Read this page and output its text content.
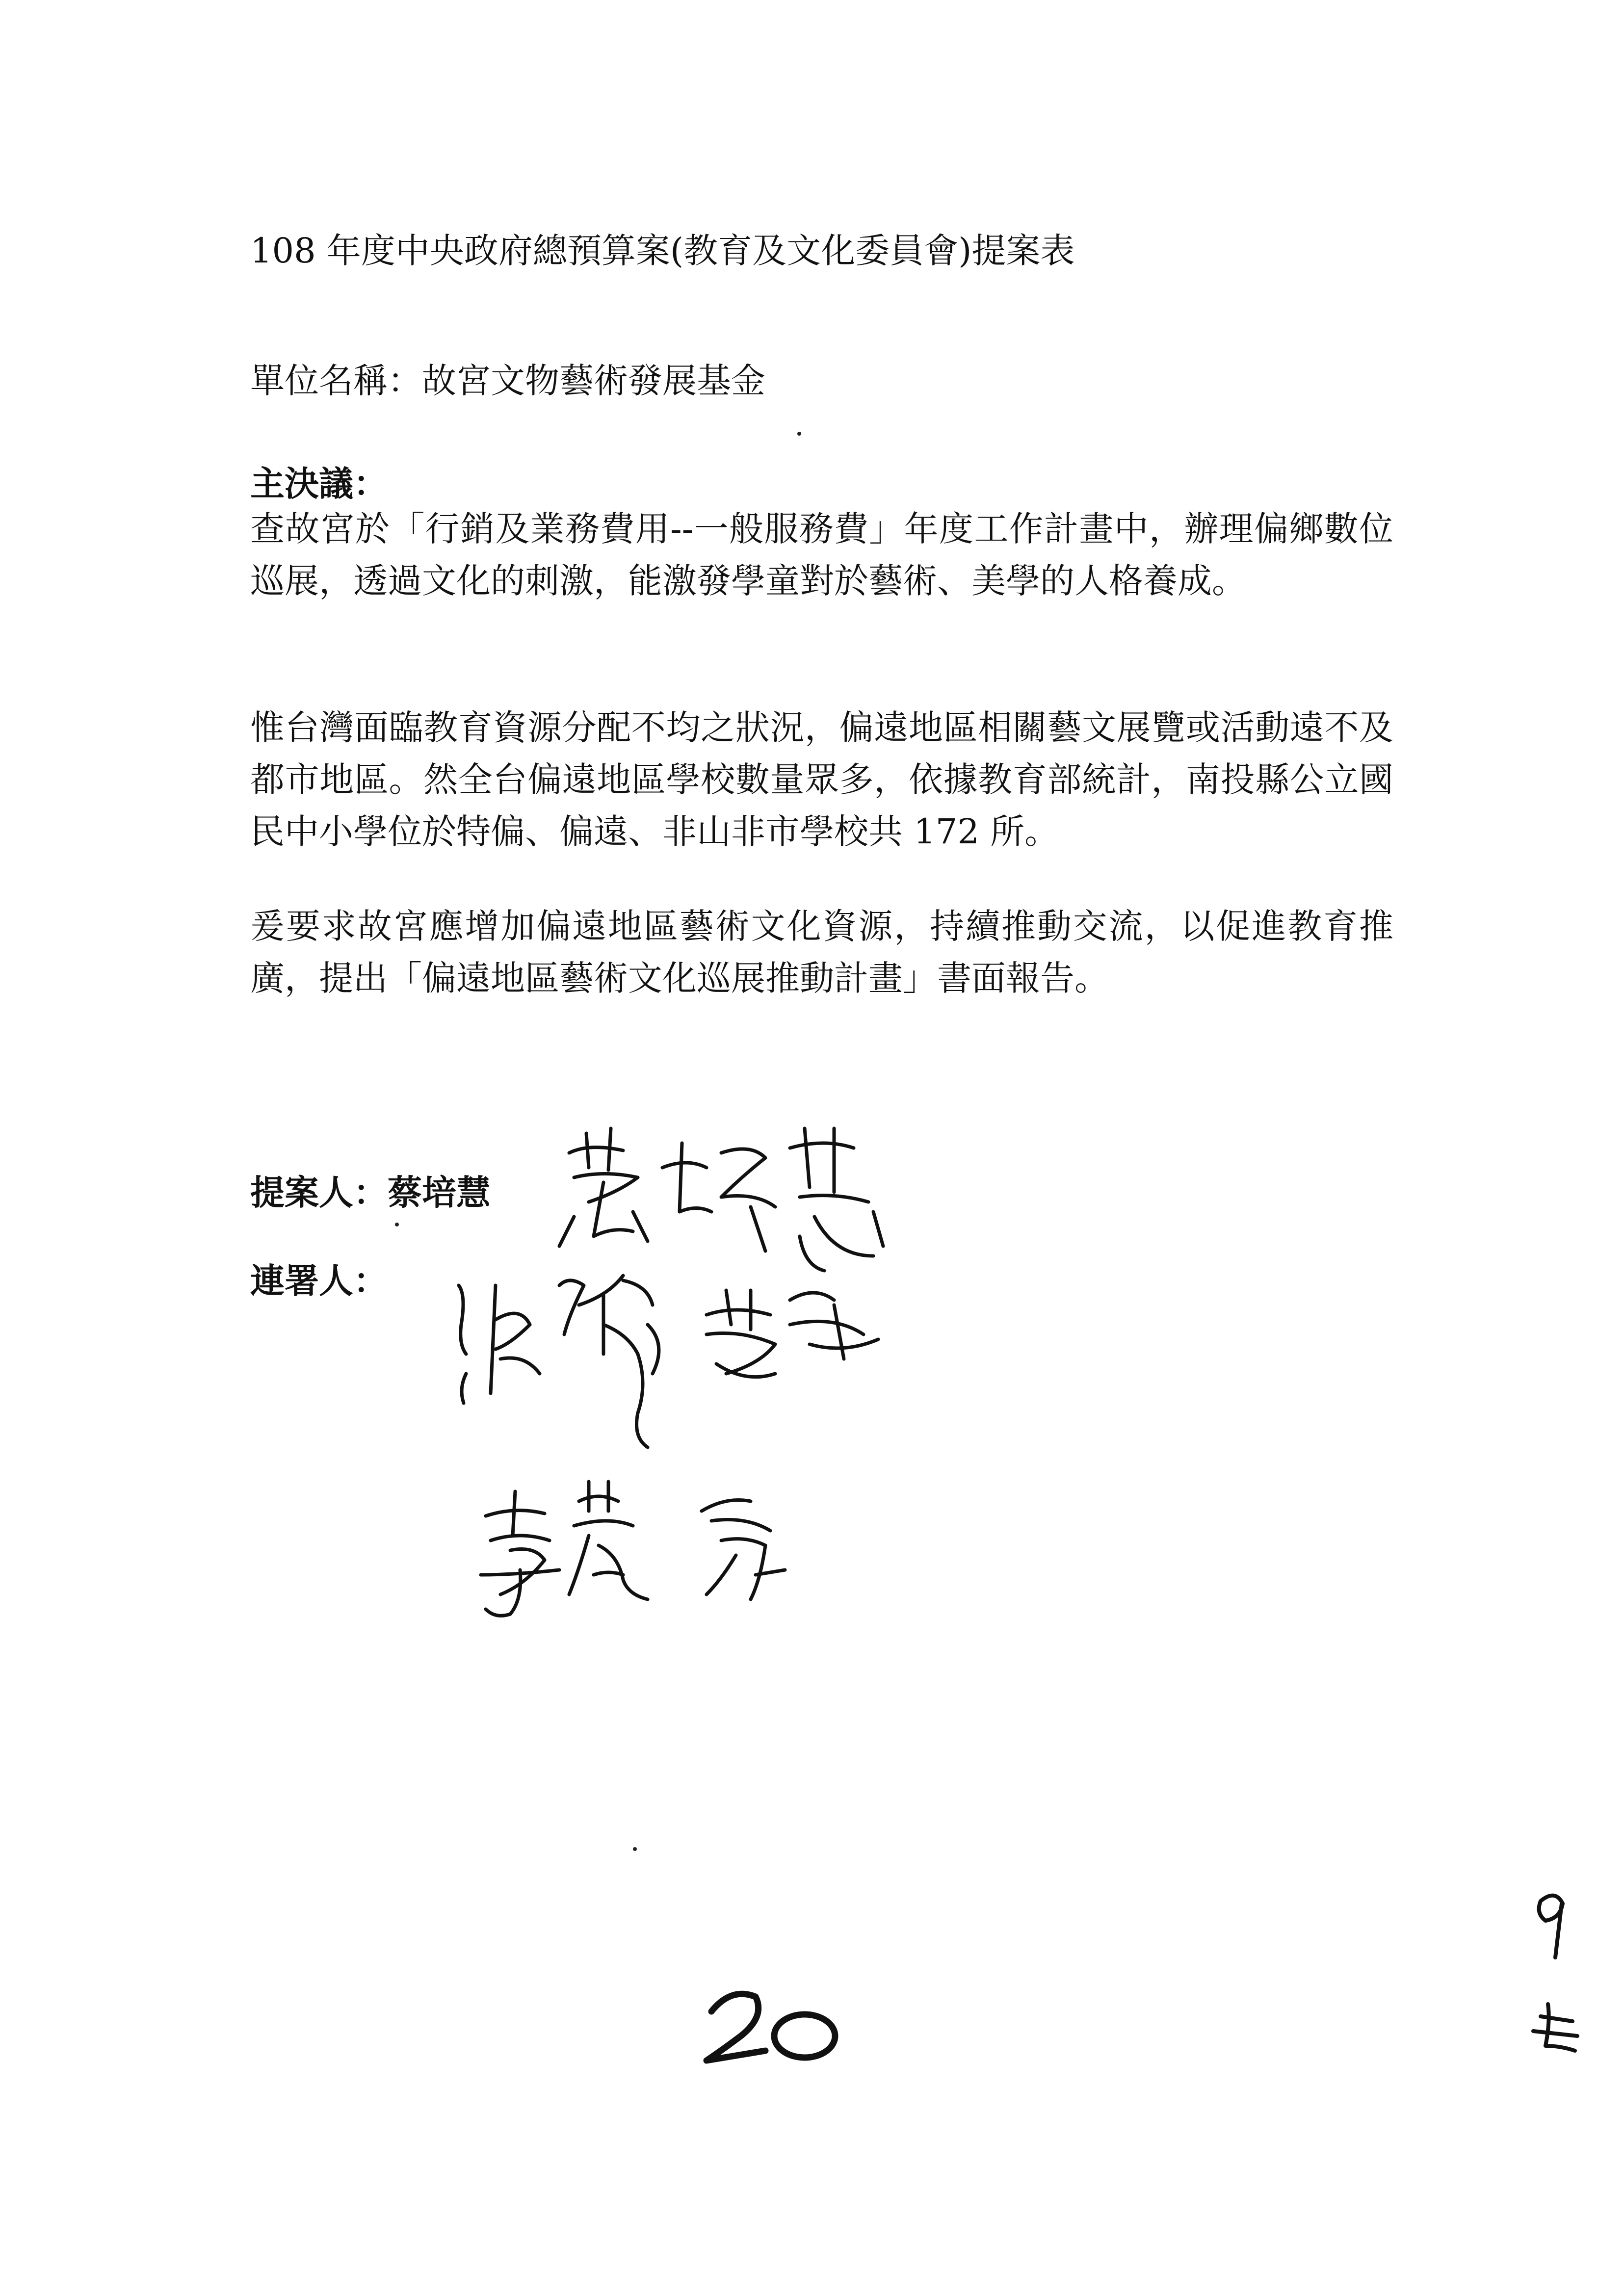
108 年度中央政府總預算案(教育及文化委員會)提案表
單位名稱：故宮文物藝術發展基金
主決議：
查故宮於「行銷及業務費用--一般服務費」年度工作計畫中，辦理偏鄉數位巡展，透過文化的刺激，能激發學童對於藝術、美學的人格養成。
惟台灣面臨教育資源分配不均之狀況，偏遠地區相關藝文展覽或活動遠不及都市地區。然全台偏遠地區學校數量眾多，依據教育部統計，南投縣公立國民中小學位於特偏、偏遠、非山非市學校共 172 所。
爰要求故宮應增加偏遠地區藝術文化資源，持續推動交流，以促進教育推廣，提出「偏遠地區藝術文化巡展推動計畫」書面報告。
提案人：蔡培慧
連署人：
